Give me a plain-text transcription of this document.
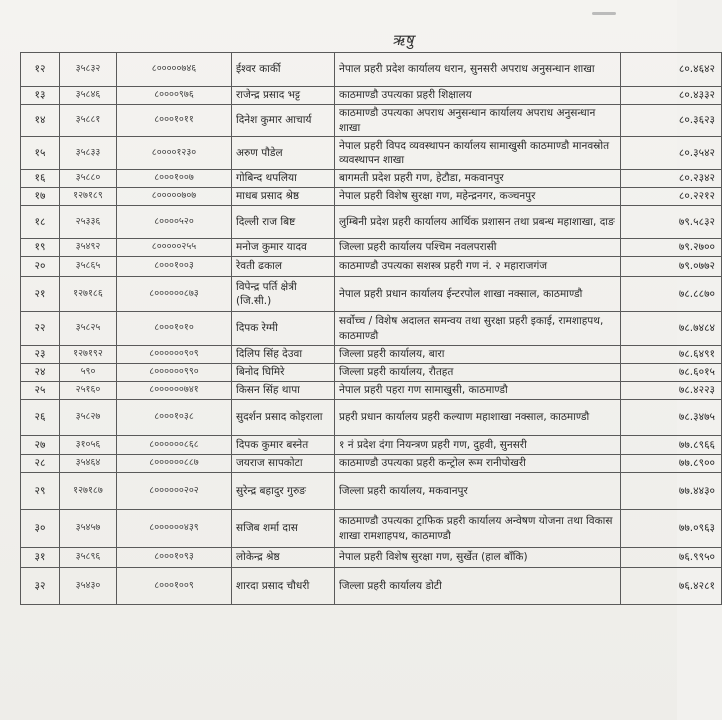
ऋषु
१२	३५८३२	८०००००७४६	ईश्वर कार्की	नेपाल प्रहरी प्रदेश कार्यालय धरान, सुनसरी अपराध अनुसन्धान शाखा	८०.४६४२
१३	३५८४६	८००००९७६	राजेन्द्र प्रसाद भट्ट	काठमाण्डौ उपत्यका प्रहरी शिक्षालय	८०.४३३२
१४	३५८८१	८०००१०११	दिनेश कुमार आचार्य	काठमाण्डौ उपत्यका अपराध अनुसन्धान कार्यालय अपराध अनुसन्धान शाखा	८०.३६२३
१५	३५८३३	८००००१२३०	अरुण पौडेल	नेपाल प्रहरी विपद व्यवस्थापन कार्यालय सामाखुसी काठमाण्डौ मानवस्रोत व्यवस्थापन शाखा	८०.३५४२
१६	३५८८०	८०००१००७	गोबिन्द थपलिया	बागमती प्रदेश प्रहरी गण, हेटौडा, मकवानपुर	८०.२३४२
१७	१२७१८९	८०००००७०७	माधब प्रसाद श्रेष्ठ	नेपाल प्रहरी विशेष सुरक्षा गण, महेन्द्रनगर, कञ्चनपुर	८०.२२१२
१८	२५३३६	८००००५२०	दिल्ली राज बिष्ट	लुम्बिनी प्रदेश प्रहरी कार्यालय आर्थिक प्रशासन तथा प्रबन्ध महाशाखा, दाङ	७९.५८३२
१९	३५४९२	८०००००२५५	मनोज कुमार यादव	जिल्ला प्रहरी कार्यालय पश्चिम नवलपरासी	७९.२७००
२०	३५८६५	८०००१००३	रेवती ढकाल	काठमाण्डौ उपत्यका सशस्त्र प्रहरी गण नं. २ महाराजगंज	७९.०७७२
२१	१२७१८६	८००००००८७३	विपेन्द्र पर्ति क्षेत्री (जि.सी.)	नेपाल प्रहरी प्रधान कार्यालय ईन्टरपोल शाखा नक्साल, काठमाण्डौ	७८.८८७०
२२	३५८२५	८०००१०१०	दिपक रेग्मी	सर्वोच्च / विशेष अदालत समन्वय तथा सुरक्षा प्रहरी इकाई, रामशाहपथ, काठमाण्डौ	७८.७४८४
२३	१२७१९२	८००००००९०९	दिलिप सिंह देउवा	जिल्ला प्रहरी कार्यालय, बारा	७८.६४९१
२४	५९०	८००००००९९०	बिनोद घिमिरे	जिल्ला प्रहरी कार्यालय, रौतहत	७८.६०१५
२५	२५१६०	८००००००७४१	किसन सिंह थापा	नेपाल प्रहरी पहरा गण सामाखुसी, काठमाण्डौ	७८.४२२३
२६	३५८२७	८०००१०३८	सुदर्शन प्रसाद कोइराला	प्रहरी प्रधान कार्यालय प्रहरी कल्याण महाशाखा नक्साल, काठमाण्डौ	७८.३४७५
२७	३१०५६	८००००००८६८	दिपक कुमार बस्नेत	१ नं प्रदेश दंगा नियन्त्रण प्रहरी गण, दुहवी, सुनसरी	७७.८९६६
२८	३५४६४	८००००००८८७	जयराज सापकोटा	काठमाण्डौ उपत्यका प्रहरी कन्ट्रोल रूम रानीपोखरी	७७.८९००
२९	१२७१८७	८००००००२०२	सुरेन्द्र बहादुर गुरुङ	जिल्ला प्रहरी कार्यालय, मकवानपुर	७७.४४३०
३०	३५४५७	८००००००४३९	सजिब शर्मा दास	काठमाण्डौ उपत्यका ट्राफिक प्रहरी कार्यालय अन्वेषण योजना तथा विकास शाखा रामशाहपथ, काठमाण्डौ	७७.०९६३
३१	३५८९६	८०००१०९३	लोकेन्द्र श्रेष्ठ	नेपाल प्रहरी विशेष सुरक्षा गण, सुर्खेत (हाल बाँकि)	७६.९९५०
३२	३५४३०	८०००१००९	शारदा प्रसाद चौधरी	जिल्ला प्रहरी कार्यालय डोटी	७६.४२८१
